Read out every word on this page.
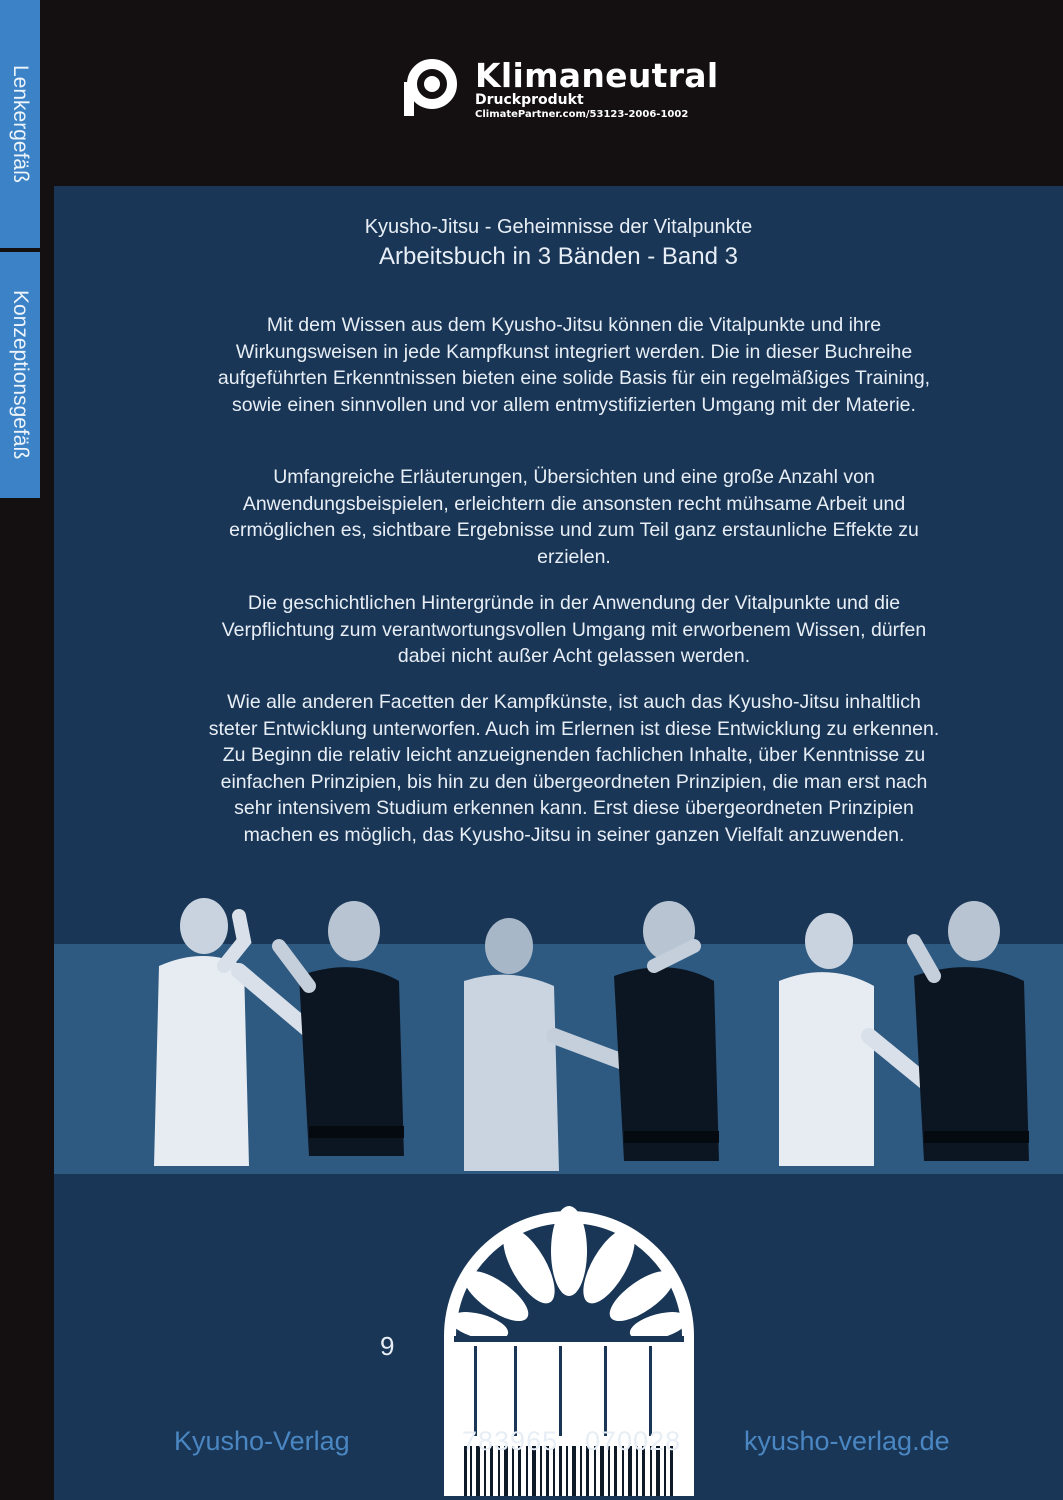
Lenkergefäß
Konzeptionsgefäß
Klimaneutral
Druckprodukt
ClimatePartner.com/53123-2006-1002
Kyusho-Jitsu - Geheimnisse der Vitalpunkte
Arbeitsbuch in 3 Bänden - Band 3

Mit dem Wissen aus dem Kyusho-Jitsu können die Vitalpunkte und ihre Wirkungsweisen in jede Kampfkunst integriert werden. Die in dieser Buchreihe aufgeführten Erkenntnissen bieten eine solide Basis für ein regelmäßiges Training, sowie einen sinnvollen und vor allem entmystifizierten Umgang mit der Materie.

Umfangreiche Erläuterungen, Übersichten und eine große Anzahl von Anwendungsbeispielen, erleichtern die ansonsten recht mühsame Arbeit und ermöglichen es, sichtbare Ergebnisse und zum Teil ganz erstaunliche Effekte zu erzielen.

Die geschichtlichen Hintergründe in der Anwendung der Vitalpunkte und die Verpflichtung zum verantwortungsvollen Umgang mit erworbenem Wissen, dürfen dabei nicht außer Acht gelassen werden.

Wie alle anderen Facetten der Kampfkünste, ist auch das Kyusho-Jitsu inhaltlich steter Entwicklung unterworfen. Auch im Erlernen ist diese Entwicklung zu erkennen. Zu Beginn die relativ leicht anzueignenden fachlichen Inhalte, über Kenntnisse zu einfachen Prinzipien, bis hin zu den übergeordneten Prinzipien, die man erst nach sehr intensivem Studium erkennen kann. Erst diese übergeordneten Prinzipien machen es möglich, das Kyusho-Jitsu in seiner ganzen Vielfalt anzuwenden.

9
783965 070028
Kyusho-Verlag	kyusho-verlag.de
